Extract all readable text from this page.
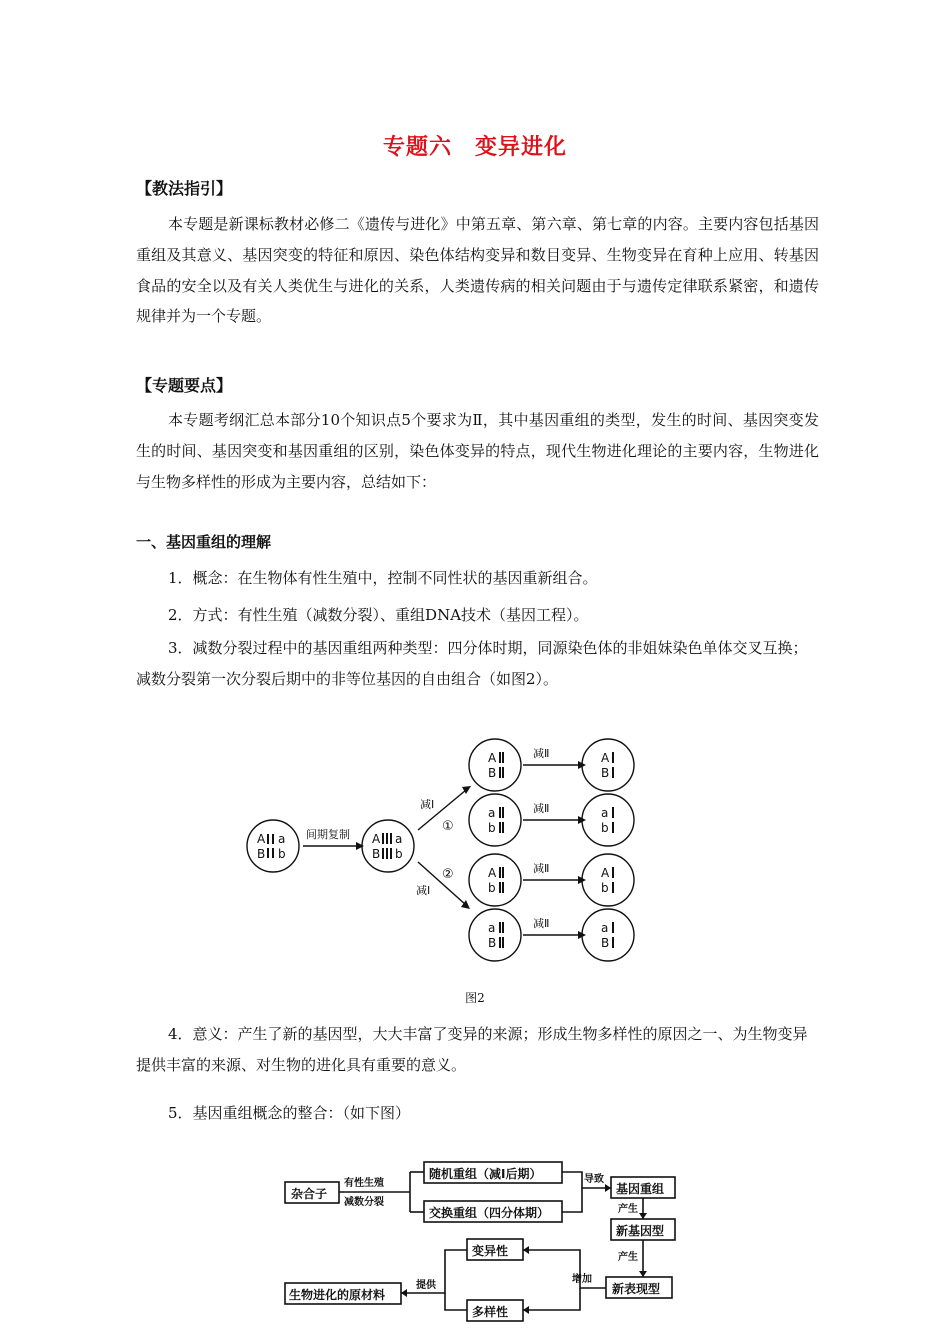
专题六　变异进化
【教法指引】
本专题是新课标教材必修二《遗传与进化》中第五章、第六章、第七章的内容。主要内容包括基因重组及其意义、基因突变的特征和原因、染色体结构变异和数目变异、生物变异在育种上应用、转基因食品的安全以及有关人类优生与进化的关系，人类遗传病的相关问题由于与遗传定律联系紧密，和遗传规律并为一个专题。
【专题要点】
本专题考纲汇总本部分10个知识点5个要求为Ⅱ，其中基因重组的类型，发生的时间、基因突变发生的时间、基因突变和基因重组的区别，染色体变异的特点，现代生物进化理论的主要内容，生物进化与生物多样性的形成为主要内容，总结如下：
一、基因重组的理解
1．概念：在生物体有性生殖中，控制不同性状的基因重新组合。
2．方式：有性生殖（减数分裂）、重组DNA技术（基因工程）。
3．减数分裂过程中的基因重组两种类型：四分体时期，同源染色体的非姐妹染色单体交叉互换；减数分裂第一次分裂后期中的非等位基因的自由组合（如图2）。
A a
B b
A a
B b
A
B
a
b
A
b
a
B
A
B
a
b
A
b
a
B
间期复制
减Ⅰ
减Ⅰ
①
②
减Ⅱ
减Ⅱ
减Ⅱ
减Ⅱ
图2
4．意义：产生了新的基因型，大大丰富了变异的来源；形成生物多样性的原因之一、为生物变异提供丰富的来源、对生物的进化具有重要的意义。
5．基因重组概念的整合：（如下图）
杂合子
随机重组（减Ⅰ后期）
交换重组（四分体期）
基因重组
新基因型
变异性
新表现型
生物进化的原材料
多样性
有性生殖
减数分裂
导致
产生
产生
增加
提供
